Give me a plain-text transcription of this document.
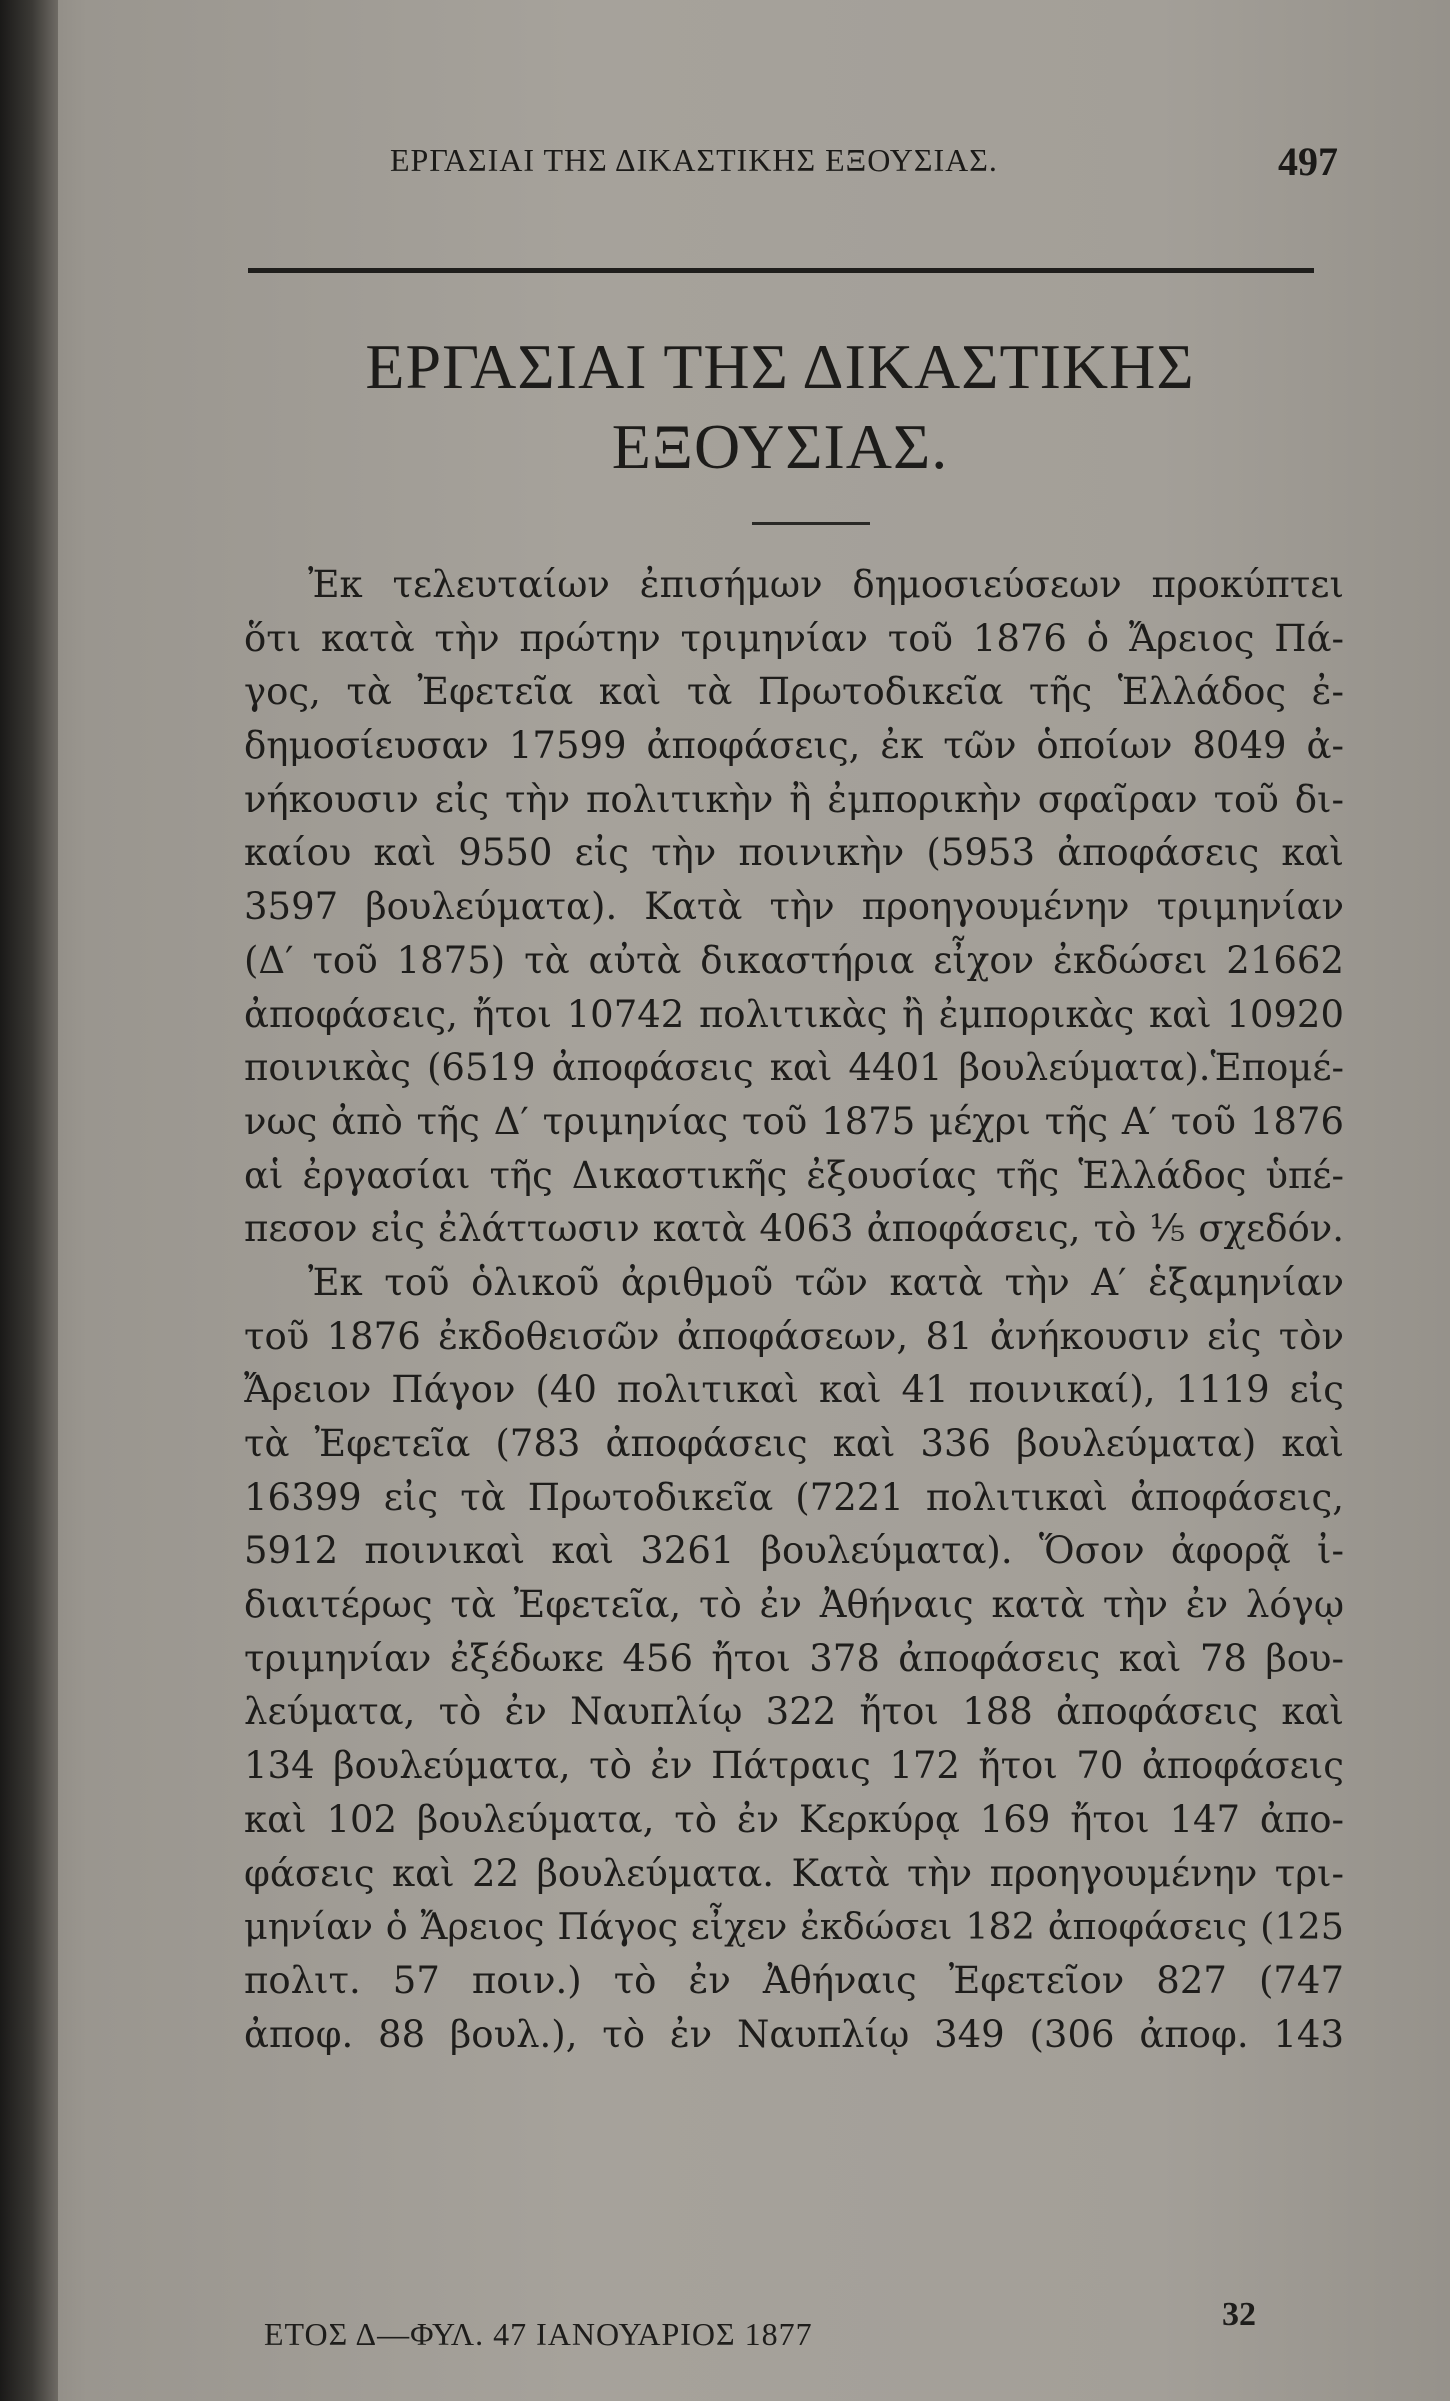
ΕΡΓΑΣΙΑΙ ΤΗΣ ΔΙΚΑΣΤΙΚΗΣ ΕΞΟΥΣΙΑΣ.	497
ΕΡΓΑΣΙΑΙ ΤΗΣ ΔΙΚΑΣΤΙΚΗΣ
ΕΞΟΥΣΙΑΣ.
Ἐκ τελευταίων ἐπισήμων δημοσιεύσεων προκύπτει
ὅτι κατὰ τὴν πρώτην τριμηνίαν τοῦ 1876 ὁ Ἄρειος Πά-
γος, τὰ Ἐφετεῖα καὶ τὰ Πρωτοδικεῖα τῆς Ἑλλάδος ἐ-
δημοσίευσαν 17599 ἀποφάσεις, ἐκ τῶν ὁποίων 8049 ἀ-
νήκουσιν εἰς τὴν πολιτικὴν ἢ ἐμπορικὴν σφαῖραν τοῦ δι-
καίου καὶ 9550 εἰς τὴν ποινικὴν (5953 ἀποφάσεις καὶ
3597 βουλεύματα). Κατὰ τὴν προηγουμένην τριμηνίαν
(Δ′ τοῦ 1875) τὰ αὐτὰ δικαστήρια εἶχον ἐκδώσει 21662
ἀποφάσεις, ἤτοι 10742 πολιτικὰς ἢ ἐμπορικὰς καὶ 10920
ποινικὰς (6519 ἀποφάσεις καὶ 4401 βουλεύματα).Ἑπομέ-
νως ἀπὸ τῆς Δ′ τριμηνίας τοῦ 1875 μέχρι τῆς Α′ τοῦ 1876
αἱ ἐργασίαι τῆς Δικαστικῆς ἐξουσίας τῆς Ἑλλάδος ὑπέ-
πεσον εἰς ἐλάττωσιν κατὰ 4063 ἀποφάσεις, τὸ ⅕ σχεδόν.
Ἐκ τοῦ ὁλικοῦ ἀριθμοῦ τῶν κατὰ τὴν Α′ ἑξαμηνίαν
τοῦ 1876 ἐκδοθεισῶν ἀποφάσεων, 81 ἀνήκουσιν εἰς τὸν
Ἄρειον Πάγον (40 πολιτικαὶ καὶ 41 ποινικαί), 1119 εἰς
τὰ Ἐφετεῖα (783 ἀποφάσεις καὶ 336 βουλεύματα) καὶ
16399 εἰς τὰ Πρωτοδικεῖα (7221 πολιτικαὶ ἀποφάσεις,
5912 ποινικαὶ καὶ 3261 βουλεύματα). Ὅσον ἀφορᾷ ἰ-
διαιτέρως τὰ Ἐφετεῖα, τὸ ἐν Ἀθήναις κατὰ τὴν ἐν λόγῳ
τριμηνίαν ἐξέδωκε 456 ἤτοι 378 ἀποφάσεις καὶ 78 βου-
λεύματα, τὸ ἐν Ναυπλίῳ 322 ἤτοι 188 ἀποφάσεις καὶ
134 βουλεύματα, τὸ ἐν Πάτραις 172 ἤτοι 70 ἀποφάσεις
καὶ 102 βουλεύματα, τὸ ἐν Κερκύρᾳ 169 ἤτοι 147 ἀπο-
φάσεις καὶ 22 βουλεύματα. Κατὰ τὴν προηγουμένην τρι-
μηνίαν ὁ Ἄρειος Πάγος εἶχεν ἐκδώσει 182 ἀποφάσεις (125
πολιτ. 57 ποιν.) τὸ ἐν Ἀθήναις Ἐφετεῖον 827 (747
ἀποφ. 88 βουλ.), τὸ ἐν Ναυπλίῳ 349 (306 ἀποφ. 143
ΕΤΟΣ Δ—ΦΥΛ. 47 ΙΑΝΟΥΑΡΙΟΣ 1877
32
